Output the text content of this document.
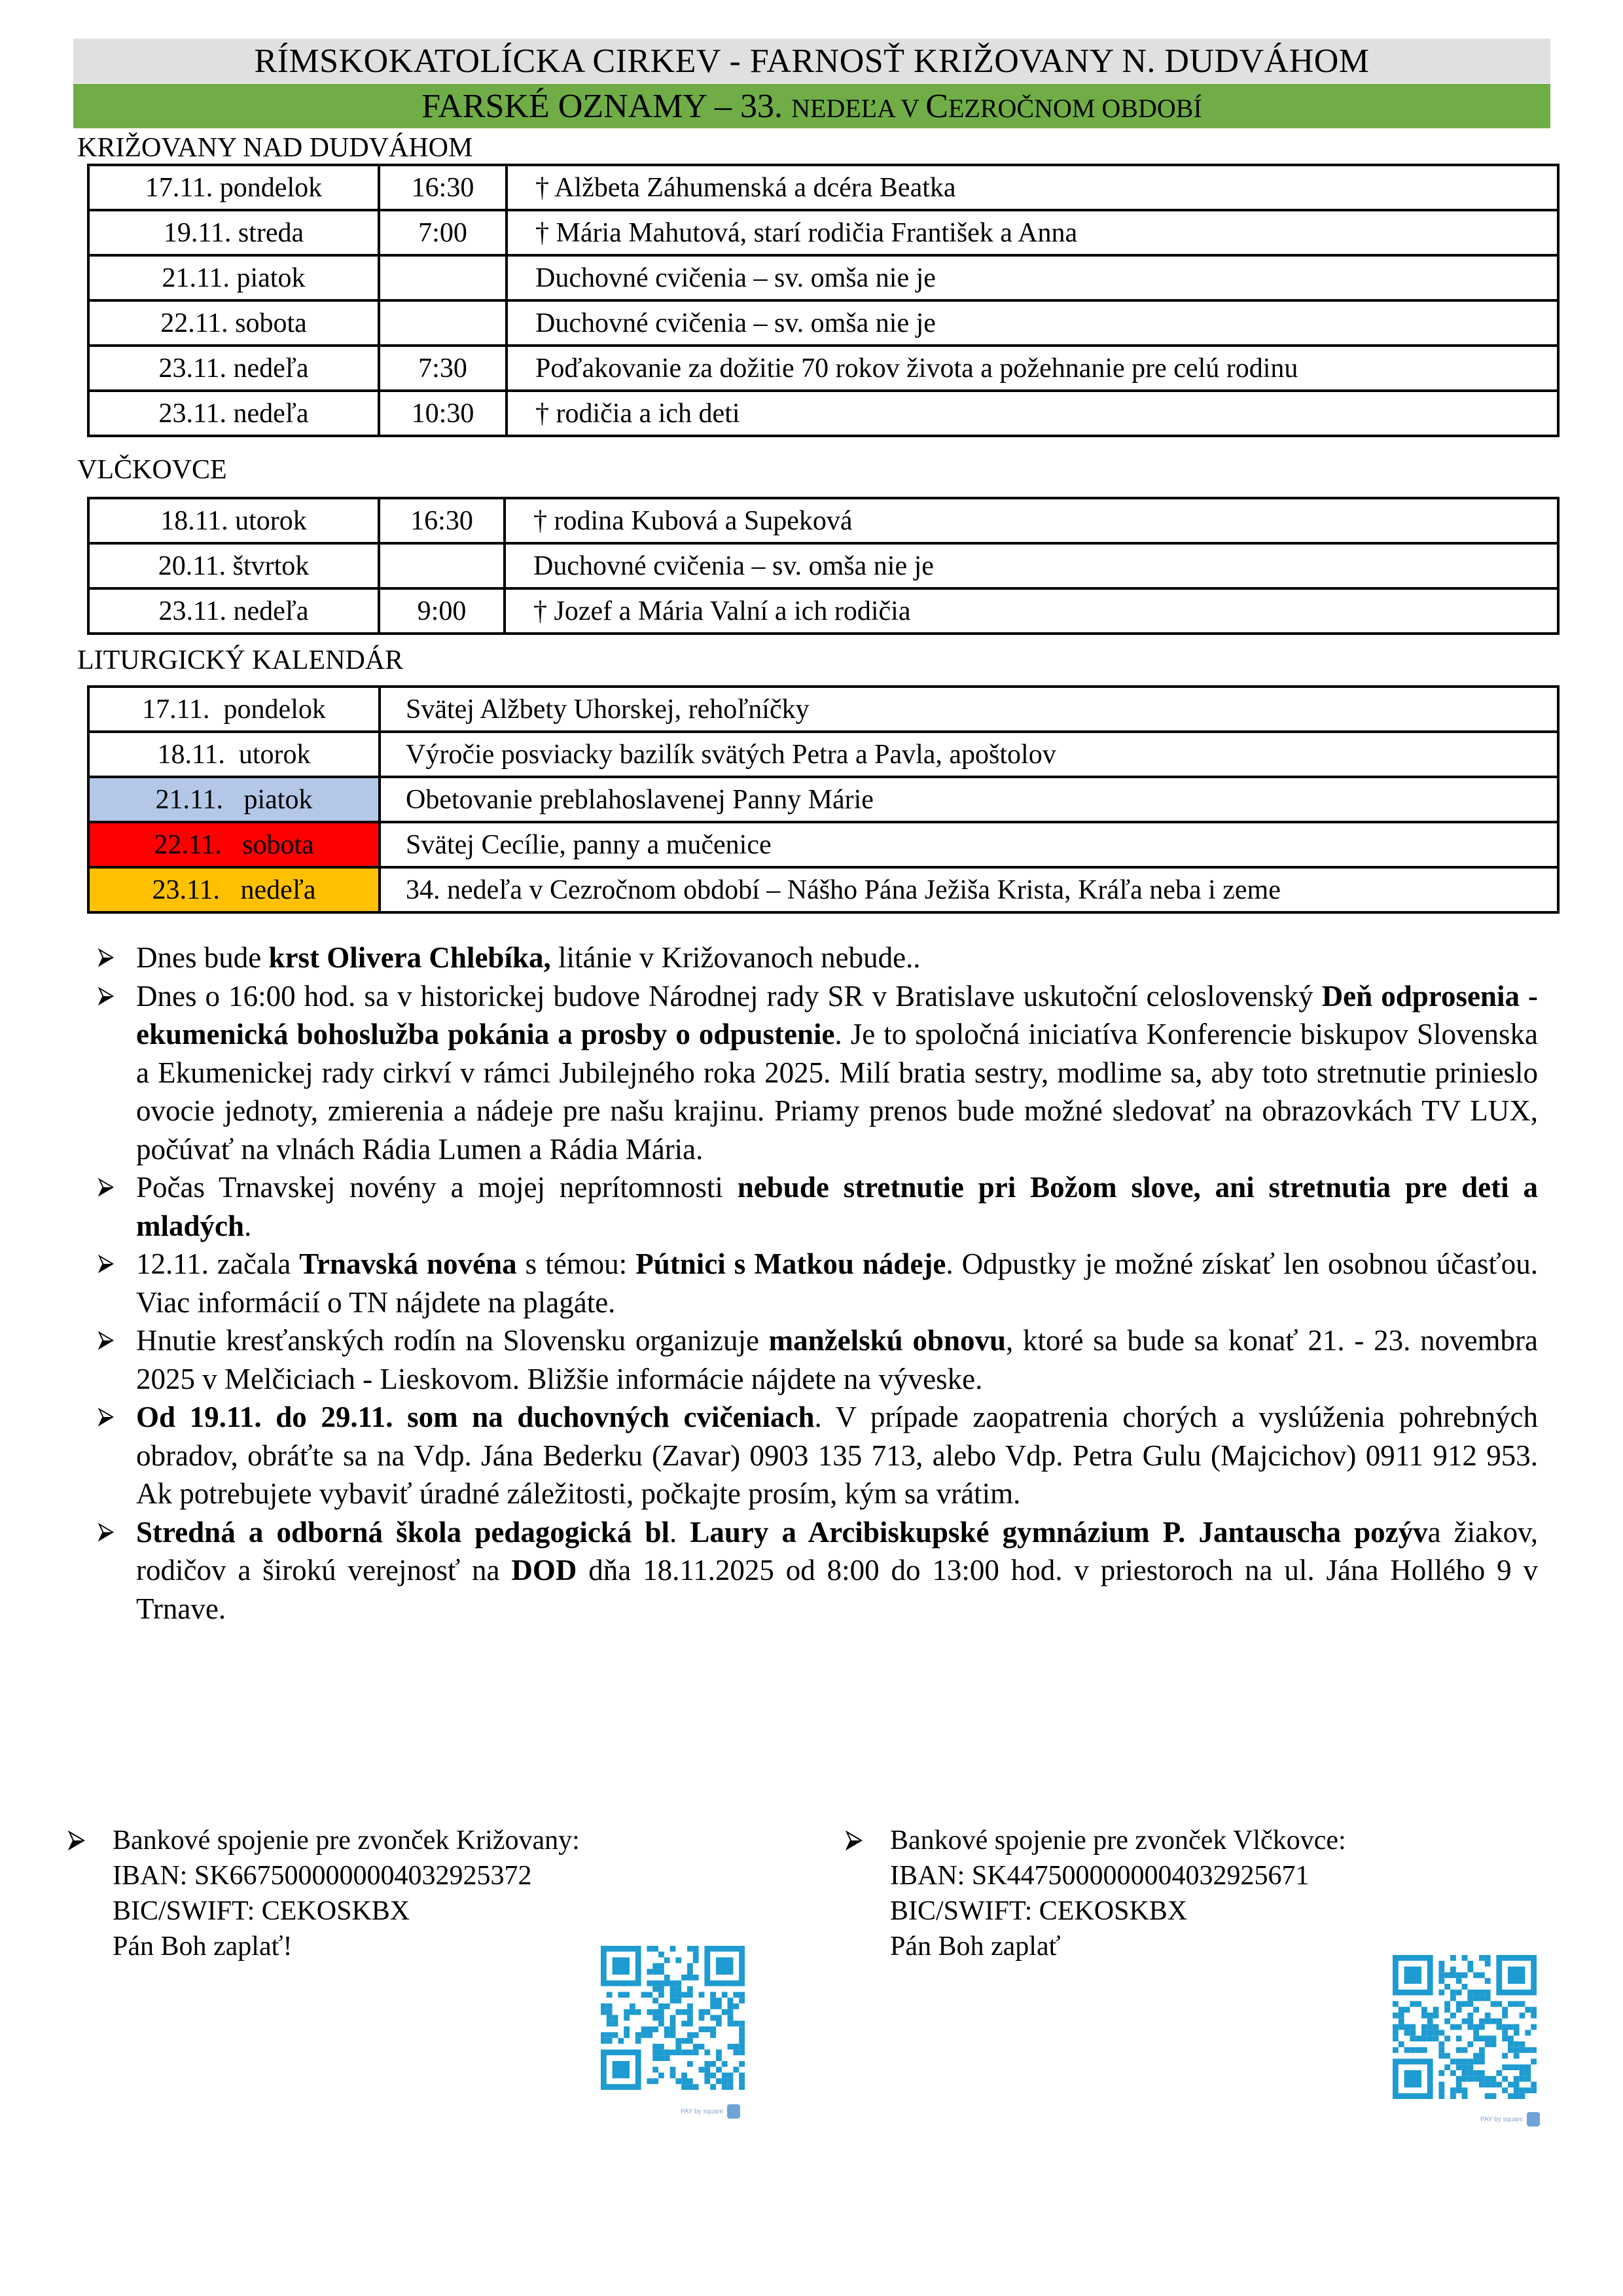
RÍMSKOKATOLÍCKA CIRKEV - FARNOSŤ KRIŽOVANY N. DUDVÁHOM
FARSKÉ OZNAMY – 33. NEDEĽA V CEZROČNOM OBDOBÍ
KRIŽOVANY NAD DUDVÁHOM
17.11. pondelok	16:30	† Alžbeta Záhumenská a dcéra Beatka
19.11. streda	7:00	† Mária Mahutová, starí rodičia František a Anna
21.11. piatok		Duchovné cvičenia – sv. omša nie je
22.11. sobota		Duchovné cvičenia – sv. omša nie je
23.11. nedeľa	7:30	Poďakovanie za dožitie 70 rokov života a požehnanie pre celú rodinu
23.11. nedeľa	10:30	† rodičia a ich deti
VLČKOVCE
18.11. utorok	16:30	† rodina Kubová a Supeková
20.11. štvrtok		Duchovné cvičenia – sv. omša nie je
23.11. nedeľa	9:00	† Jozef a Mária Valní a ich rodičia
LITURGICKÝ KALENDÁR
17.11.  pondelok	Svätej Alžbety Uhorskej, rehoľníčky
18.11.  utorok	Výročie posviacky bazilík svätých Petra a Pavla, apoštolov
21.11.   piatok	Obetovanie preblahoslavenej Panny Márie
22.11.   sobota	Svätej Cecílie, panny a mučenice
23.11.   nedeľa	34. nedeľa v Cezročnom období – Nášho Pána Ježiša Krista, Kráľa neba i zeme
Dnes bude krst Olivera Chlebíka, litánie v Križovanoch nebude..
Dnes o 16:00 hod. sa v historickej budove Národnej rady SR v Bratislave uskutoční celoslovenský Deň odprosenia - ekumenická bohoslužba pokánia a prosby o odpustenie. Je to spoločná iniciatíva Konferencie biskupov Slovenska a Ekumenickej rady cirkví v rámci Jubilejného roka 2025. Milí bratia sestry, modlime sa, aby toto stretnutie prinieslo ovocie jednoty, zmierenia a nádeje pre našu krajinu. Priamy prenos bude možné sledovať na obrazovkách TV LUX, počúvať na vlnách Rádia Lumen a Rádia Mária.
Počas Trnavskej novény a mojej neprítomnosti nebude stretnutie pri Božom slove, ani stretnutia pre deti a mladých.
12.11. začala Trnavská novéna s témou: Pútnici s Matkou nádeje. Odpustky je možné získať len osobnou účasťou. Viac informácií o TN nájdete na plagáte.
Hnutie kresťanských rodín na Slovensku organizuje manželskú obnovu, ktoré sa bude sa konať 21. - 23. novembra 2025 v Melčiciach - Lieskovom. Bližšie informácie nájdete na výveske.
Od 19.11. do 29.11. som na duchovných cvičeniach. V prípade zaopatrenia chorých a vyslúženia pohrebných obradov, obráťte sa na Vdp. Jána Bederku (Zavar) 0903 135 713, alebo Vdp. Petra Gulu (Majcichov) 0911 912 953. Ak potrebujete vybaviť úradné záležitosti, počkajte prosím, kým sa vrátim.
Stredná a odborná škola pedagogická bl. Laury a Arcibiskupské gymnázium P. Jantauscha pozýva žiakov, rodičov a širokú verejnosť na DOD dňa 18.11.2025 od 8:00 do 13:00 hod. v priestoroch na ul. Jána Hollého 9 v Trnave.
Bankové spojenie pre zvonček Križovany:
IBAN: SK6675000000004032925372
BIC/SWIFT: CEKOSKBX
Pán Boh zaplať!
PAY by square
Bankové spojenie pre zvonček Vlčkovce:
IBAN: SK4475000000004032925671
BIC/SWIFT: CEKOSKBX
Pán Boh zaplať
PAY by square
